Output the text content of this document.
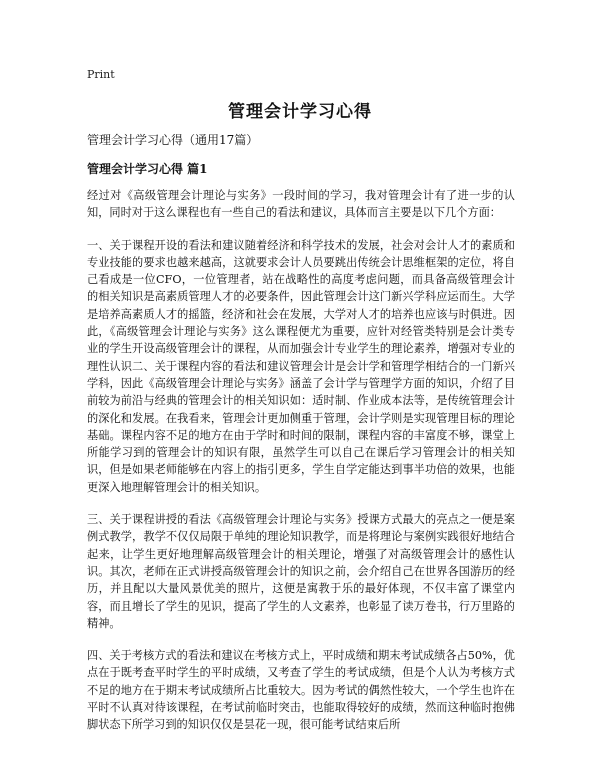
Print
管理会计学习心得
管理会计学习心得（通用17篇）
管理会计学习心得 篇1

经过对《高级管理会计理论与实务》一段时间的学习，我对管理会计有了进一步的认知，同时对于这么课程也有一些自己的看法和建议，具体而言主要是以下几个方面：

一、关于课程开设的看法和建议随着经济和科学技术的发展，社会对会计人才的素质和专业技能的要求也越来越高，这就要求会计人员要跳出传统会计思维框架的定位，将自己看成是一位CFO，一位管理者，站在战略性的高度考虑问题，而具备高级管理会计的相关知识是高素质管理人才的必要条件，因此管理会计这门新兴学科应运而生。大学是培养高素质人才的摇篮，经济和社会在发展，大学对人才的培养也应该与时俱进。因此，《高级管理会计理论与实务》这么课程便尤为重要，应针对经管类特别是会计类专业的学生开设高级管理会计的课程，从而加强会计专业学生的理论素养，增强对专业的理性认识二、关于课程内容的看法和建议管理会计是会计学和管理学相结合的一门新兴学科，因此《高级管理会计理论与实务》涵盖了会计学与管理学方面的知识，介绍了目前较为前沿与经典的管理会计的相关知识如：适时制、作业成本法等，是传统管理会计的深化和发展。在我看来，管理会计更加侧重于管理，会计学则是实现管理目标的理论基础。课程内容不足的地方在由于学时和时间的限制，课程内容的丰富度不够，课堂上所能学习到的管理会计的知识有限，虽然学生可以自己在课后学习管理会计的相关知识，但是如果老师能够在内容上的指引更多，学生自学定能达到事半功倍的效果，也能更深入地理解管理会计的相关知识。

三、关于课程讲授的看法《高级管理会计理论与实务》授课方式最大的亮点之一便是案例式教学，教学不仅仅局限于单纯的理论知识教学，而是将理论与案例实践很好地结合起来，让学生更好地理解高级管理会计的相关理论，增强了对高级管理会计的感性认识。其次，老师在正式讲授高级管理会计的知识之前，会介绍自己在世界各国游历的经历，并且配以大量风景优美的照片，这便是寓教于乐的最好体现，不仅丰富了课堂内容，而且增长了学生的见识，提高了学生的人文素养，也彰显了读万卷书，行万里路的精神。

四、关于考核方式的看法和建议在考核方式上，平时成绩和期末考试成绩各占50%，优点在于既考查平时学生的平时成绩，又考查了学生的考试成绩，但是个人认为考核方式不足的地方在于期末考试成绩所占比重较大。因为考试的偶然性较大，一个学生也许在平时不认真对待该课程，在考试前临时突击，也能取得较好的成绩，然而这种临时抱佛脚状态下所学习到的知识仅仅是昙花一现，很可能考试结束后所
